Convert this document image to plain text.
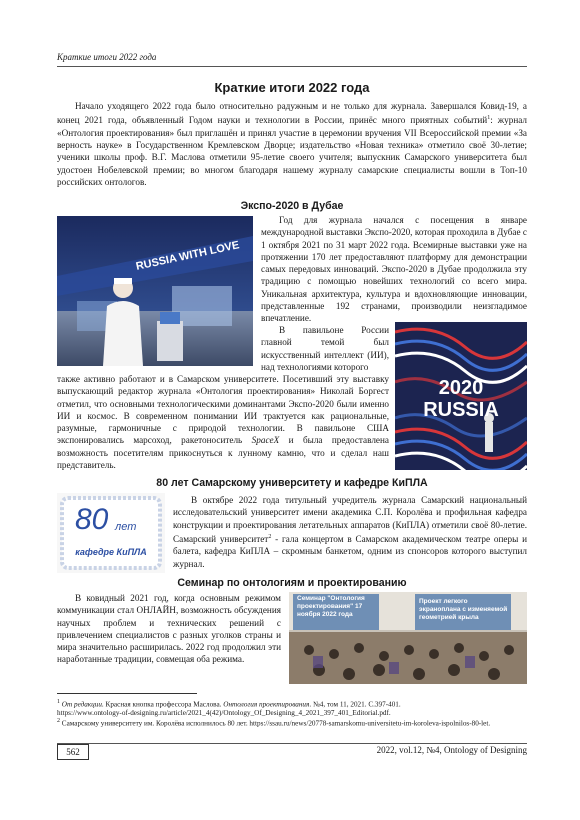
Краткие итоги 2022 года
Краткие итоги 2022 года
Начало уходящего 2022 года было относительно радужным и не только для журнала. Завершался Ковид-19, а конец 2021 года, объявленный Годом науки и технологии в России, принёс много приятных событий$^1$: журнал «Онтология проектирования» был приглашён и принял участие в церемонии вручения VII Всероссийской премии «За верность науке» в Государственном Кремлевском Дворце; издательство «Новая техника» отметило своё 30-летие; ученики школы проф. В.Г. Маслова отметили 95-летие своего учителя; выпускник Самарского университета был удостоен Нобелевской премии; во многом благодаря нашему журналу самарские специалисты вошли в Топ-10 российских онтологов.
Экспо-2020 в Дубае
RUSSIA WITH LOVE
Год для журнала начался с посещения в январе международной выставки Экспо-2020, которая проходила в Дубае с 1 октября 2021 по 31 март 2022 года. Всемирные выставки уже на протяжении 170 лет предоставляют платформу для демонстрации самых передовых инноваций. Экспо-2020 в Дубае продолжила эту традицию с помощью новейших технологий со всего мира. Уникальная архитектура, культура и вдохновляющие инновации, представленные 192 странами, производили неизгладимое впечатление.
2020 RUSSIA
В павильоне России главной темой был искусственный интеллект (ИИ), над технологиями которого
также активно работают и в Самарском университете. Посетивший эту выставку выпускающий редактор журнала «Онтология проектирования» Николай Боргест отметил, что основными технологическими доминантами Экспо-2020 были именно ИИ и космос. В современном понимании ИИ трактуется как рациональные, разумные, гармоничные с природой технологии. В павильоне США экспонировались марсоход, ракетоноситель SpaceX и была предоставлена возможность посетителям прикоснуться к лунному камню, что и сделал наш представитель.
80 лет Самарскому университету и кафедре КиПЛА
80 лет
кафедре КиПЛА
В октябре 2022 года титульный учредитель журнала Самарский национальный исследовательский университет имени академика С.П. Королёва и профильная кафедра конструкции и проектирования летательных аппаратов (КиПЛА) отметили своё 80-летие. Самарский университет$^2$ - гала концертом в Самарском академическом театре оперы и балета, кафедра КиПЛА – скромным банкетом, одним из спонсоров которого выступил журнал.
Семинар по онтологиям и проектированию
В ковидный 2021 год, когда основным режимом коммуникации стал ОНЛАЙН, возможность обсуждения научных проблем и технических решений с привлечением специалистов с разных уголков страны и мира значительно расширилась. 2022 год продолжил эти наработанные традиции, совмещая оба режима.
Семинар "Онтология проектирования" 17 ноября 2022 года
Проект легкого экраноплана с изменяемой геометрией крыла
$^1$ От редакции. Красная кнопка профессора Маслова. Онтология проектирования. №4, том 11, 2021. С.397-401.
https://www.ontology-of-designing.ru/article/2021_4(42)/Ontology_Of_Designing_4_2021_397_401_Editorial.pdf.
$^2$ Самарскому университету им. Королёва исполнилось 80 лет. https://ssau.ru/news/20778-samarskomu-universitetu-im-koroleva-ispolnilos-80-let.
562	2022, vol.12, №4, Ontology of Designing
